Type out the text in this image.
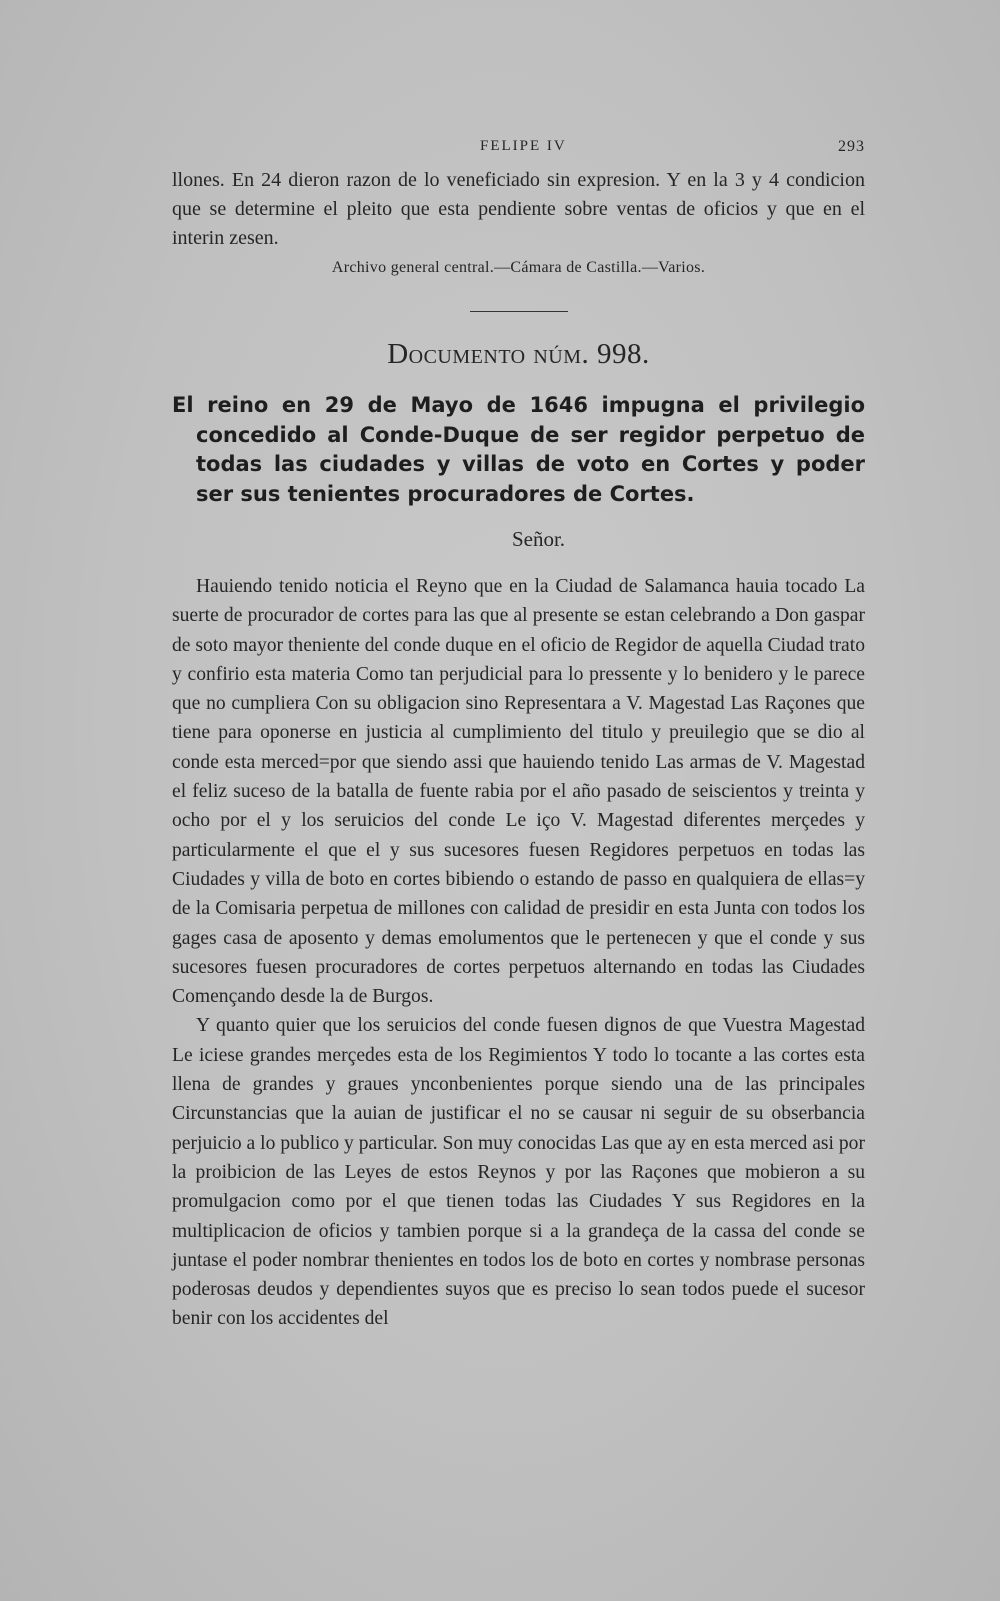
FELIPE IV	293

llones. En 24 dieron razon de lo veneficiado sin expresion. Y en la 3 y 4 condicion que se determine el pleito que esta pendiente sobre ventas de oficios y que en el interin zesen.

Archivo general central.—Cámara de Castilla.—Varios.
Documento núm. 998.

El reino en 29 de Mayo de 1646 impugna el privilegio concedido al Conde-Duque de ser regidor perpetuo de todas las ciudades y villas de voto en Cortes y poder ser sus tenientes procuradores de Cortes.

Señor.

Hauiendo tenido noticia el Reyno que en la Ciudad de Salamanca hauia tocado La suerte de procurador de cortes para las que al presente se estan celebrando a Don gaspar de soto mayor theniente del conde duque en el oficio de Regidor de aquella Ciudad trato y confirio esta materia Como tan perjudicial para lo pressente y lo benidero y le parece que no cumpliera Con su obligacion sino Representara a V. Magestad Las Raçones que tiene para oponerse en justicia al cumplimiento del titulo y preuilegio que se dio al conde esta merced=por que siendo assi que hauiendo tenido Las armas de V. Magestad el feliz suceso de la batalla de fuente rabia por el año pasado de seiscientos y treinta y ocho por el y los seruicios del conde Le iço V. Magestad diferentes merçedes y particularmente el que el y sus sucesores fuesen Regidores perpetuos en todas las Ciudades y villa de boto en cortes bibiendo o estando de passo en qualquiera de ellas=y de la Comisaria perpetua de millones con calidad de presidir en esta Junta con todos los gages casa de aposento y demas emolumentos que le pertenecen y que el conde y sus sucesores fuesen procuradores de cortes perpetuos alternando en todas las Ciudades Començando desde la de Burgos.

Y quanto quier que los seruicios del conde fuesen dignos de que Vuestra Magestad Le iciese grandes merçedes esta de los Regimientos Y todo lo tocante a las cortes esta llena de grandes y graues ynconbenientes porque siendo una de las principales Circunstancias que la auian de justificar el no se causar ni seguir de su obserbancia perjuicio a lo publico y particular. Son muy conocidas Las que ay en esta merced asi por la proibicion de las Leyes de estos Reynos y por las Raçones que mobieron a su promulgacion como por el que tienen todas las Ciudades Y sus Regidores en la multiplicacion de oficios y tambien porque si a la grandeça de la cassa del conde se juntase el poder nombrar thenientes en todos los de boto en cortes y nombrase personas poderosas deudos y dependientes suyos que es preciso lo sean todos puede el sucesor benir con los accidentes del
